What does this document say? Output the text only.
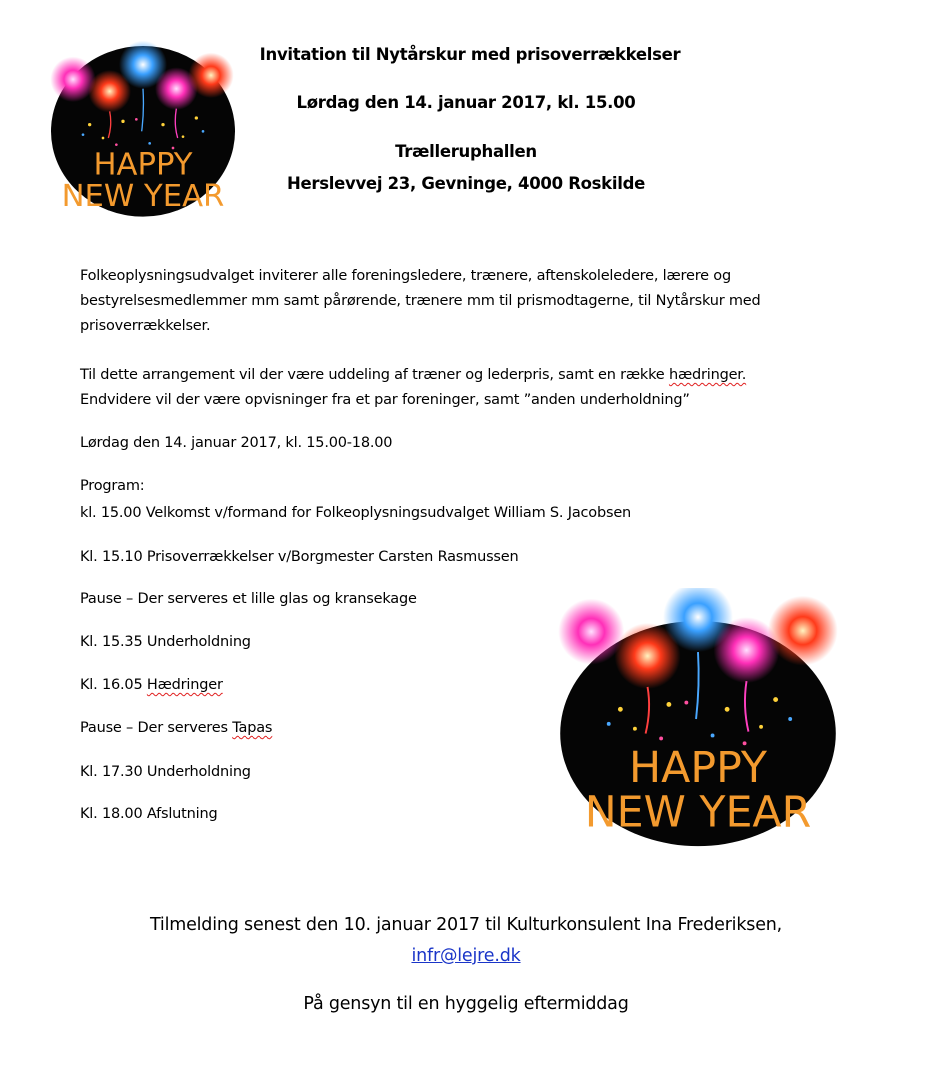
HAPPY
NEW YEAR
Invitation til Nytårskur med prisoverrækkelser
Lørdag den 14. januar 2017, kl. 15.00
Trælleruphallen
Herslevvej 23, Gevninge, 4000 Roskilde
Folkeoplysningsudvalget inviterer alle foreningsledere, trænere, aftenskoleledere, lærere og
bestyrelsesmedlemmer mm samt pårørende, trænere mm til prismodtagerne, til Nytårskur med
prisoverrækkelser.
Til dette arrangement vil der være uddeling af træner og lederpris, samt en række hædringer.
Endvidere vil der være opvisninger fra et par foreninger, samt ”anden underholdning”
Lørdag den 14. januar 2017, kl. 15.00-18.00
Program:
kl. 15.00 Velkomst v/formand for Folkeoplysningsudvalget William S. Jacobsen
Kl. 15.10 Prisoverrækkelser v/Borgmester Carsten Rasmussen
Pause – Der serveres et lille glas og kransekage
Kl. 15.35 Underholdning
Kl. 16.05 Hædringer
Pause – Der serveres Tapas
Kl. 17.30 Underholdning
Kl. 18.00 Afslutning
HAPPY
NEW YEAR
Tilmelding senest den 10. januar 2017 til Kulturkonsulent Ina Frederiksen,
infr@lejre.dk
På gensyn til en hyggelig eftermiddag
